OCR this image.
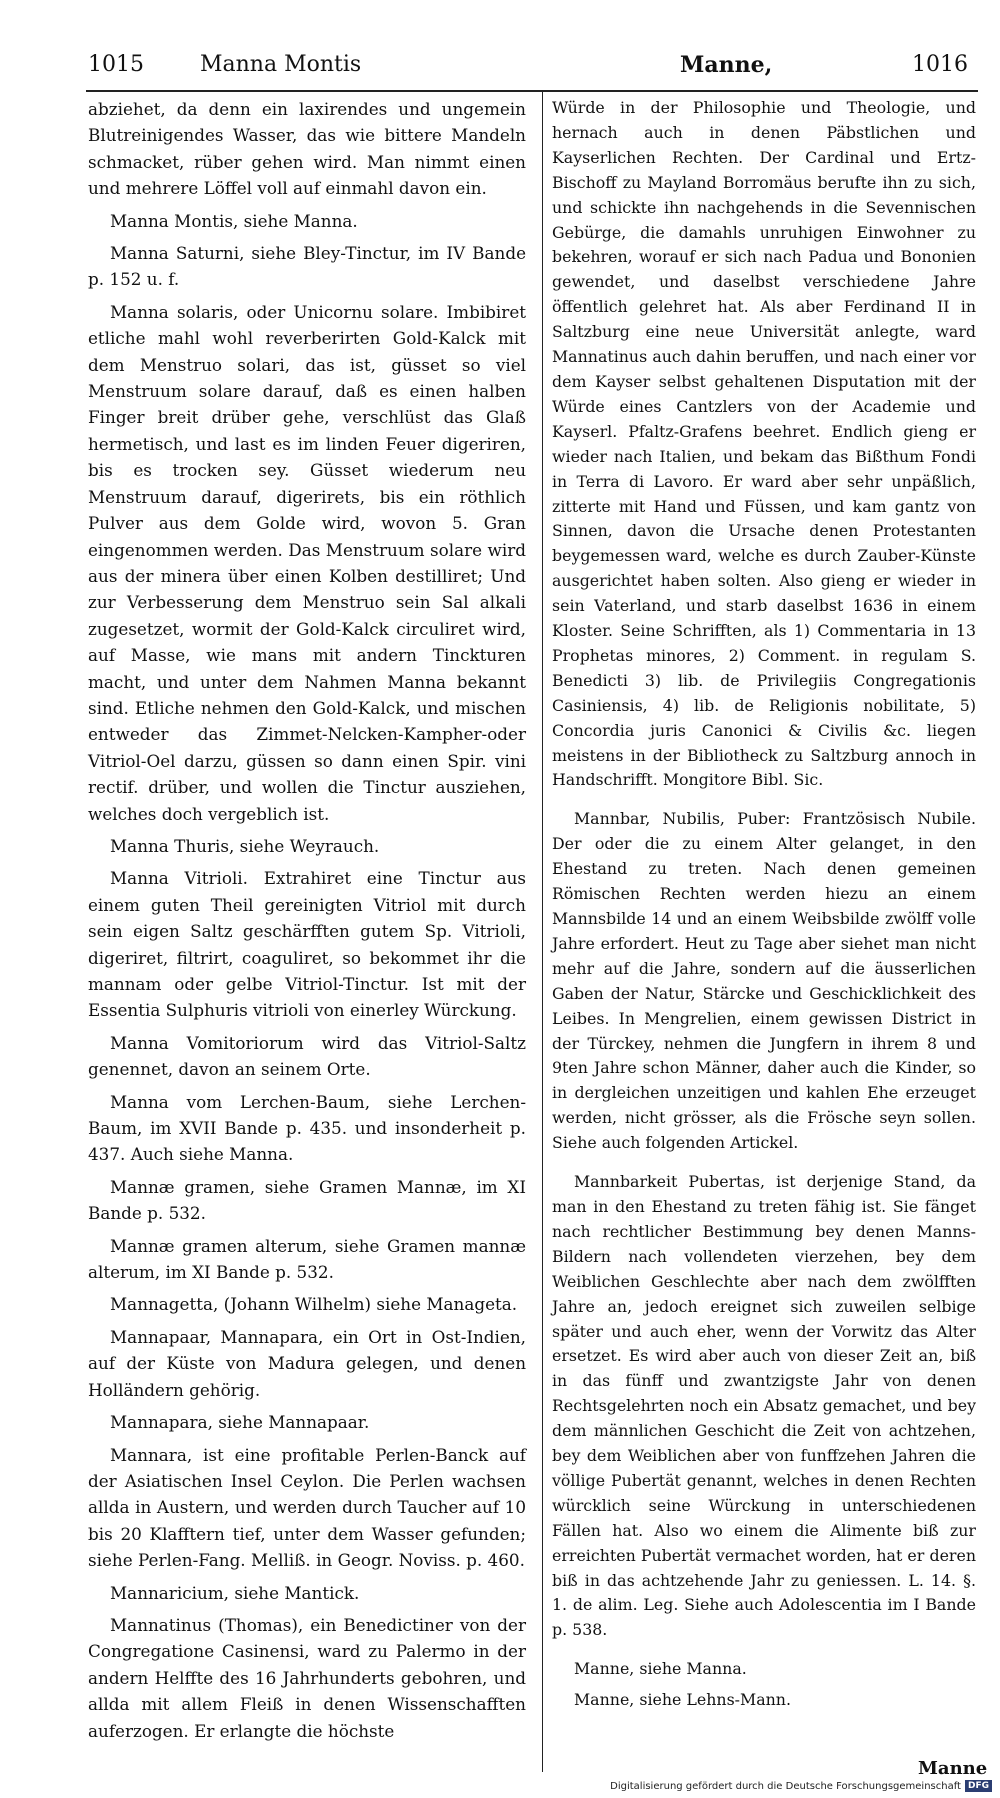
1015	Manna Montis	Manne,	1016

abziehet, da denn ein laxirendes und ungemein Blutreinigendes Wasser, das wie bittere Mandeln schmacket, rüber gehen wird. Man nimmt einen und mehrere Löffel voll auf einmahl davon ein.

Manna Montis, siehe Manna.

Manna Saturni, siehe Bley-Tinctur, im IV Bande p. 152 u. f.

Manna solaris, oder Unicornu solare. Imbibiret etliche mahl wohl reverberirten Gold-Kalck mit dem Menstruo solari, das ist, güsset so viel Menstruum solare darauf, daß es einen halben Finger breit drüber gehe, verschlüst das Glaß hermetisch, und last es im linden Feuer digeriren, bis es trocken sey. Güsset wiederum neu Menstruum darauf, digerirets, bis ein röthlich Pulver aus dem Golde wird, wovon 5. Gran eingenommen werden. Das Menstruum solare wird aus der minera über einen Kolben destilliret; Und zur Verbesserung dem Menstruo sein Sal alkali zugesetzet, wormit der Gold-Kalck circuliret wird, auf Masse, wie mans mit andern Tinckturen macht, und unter dem Nahmen Manna bekannt sind. Etliche nehmen den Gold-Kalck, und mischen entweder das Zimmet-Nelcken-Kampher-oder Vitriol-Oel darzu, güssen so dann einen Spir. vini rectif. drüber, und wollen die Tinctur ausziehen, welches doch vergeblich ist.

Manna Thuris, siehe Weyrauch.

Manna Vitrioli. Extrahiret eine Tinctur aus einem guten Theil gereinigten Vitriol mit durch sein eigen Saltz geschärfften gutem Sp. Vitrioli, digeriret, filtrirt, coaguliret, so bekommet ihr die mannam oder gelbe Vitriol-Tinctur. Ist mit der Essentia Sulphuris vitrioli von einerley Würckung.

Manna Vomitoriorum wird das Vitriol-Saltz genennet, davon an seinem Orte.

Manna vom Lerchen-Baum, siehe Lerchen-Baum, im XVII Bande p. 435. und insonderheit p. 437. Auch siehe Manna.

Mannæ gramen, siehe Gramen Mannæ, im XI Bande p. 532.

Mannæ gramen alterum, siehe Gramen mannæ alterum, im XI Bande p. 532.

Mannagetta, (Johann Wilhelm) siehe Manageta.

Mannapaar, Mannapara, ein Ort in Ost-Indien, auf der Küste von Madura gelegen, und denen Holländern gehörig.

Mannapara, siehe Mannapaar.

Mannara, ist eine profitable Perlen-Banck auf der Asiatischen Insel Ceylon. Die Perlen wachsen allda in Austern, und werden durch Taucher auf 10 bis 20 Klafftern tief, unter dem Wasser gefunden; siehe Perlen-Fang. Melliß. in Geogr. Noviss. p. 460.

Mannaricium, siehe Mantick.

Mannatinus (Thomas), ein Benedictiner von der Congregatione Casinensi, ward zu Palermo in der andern Helffte des 16 Jahrhunderts gebohren, und allda mit allem Fleiß in denen Wissenschafften auferzogen. Er erlangte die höchste

Würde in der Philosophie und Theologie, und hernach auch in denen Päbstlichen und Kayserlichen Rechten. Der Cardinal und Ertz-Bischoff zu Mayland Borromäus berufte ihn zu sich, und schickte ihn nachgehends in die Sevennischen Gebürge, die damahls unruhigen Einwohner zu bekehren, worauf er sich nach Padua und Bononien gewendet, und daselbst verschiedene Jahre öffentlich gelehret hat. Als aber Ferdinand II in Saltzburg eine neue Universität anlegte, ward Mannatinus auch dahin beruffen, und nach einer vor dem Kayser selbst gehaltenen Disputation mit der Würde eines Cantzlers von der Academie und Kayserl. Pfaltz-Grafens beehret. Endlich gieng er wieder nach Italien, und bekam das Bißthum Fondi in Terra di Lavoro. Er ward aber sehr unpäßlich, zitterte mit Hand und Füssen, und kam gantz von Sinnen, davon die Ursache denen Protestanten beygemessen ward, welche es durch Zauber-Künste ausgerichtet haben solten. Also gieng er wieder in sein Vaterland, und starb daselbst 1636 in einem Kloster. Seine Schrifften, als 1) Commentaria in 13 Prophetas minores, 2) Comment. in regulam S. Benedicti 3) lib. de Privilegiis Congregationis Casiniensis, 4) lib. de Religionis nobilitate, 5) Concordia juris Canonici & Civilis &c. liegen meistens in der Bibliotheck zu Saltzburg annoch in Handschrifft. Mongitore Bibl. Sic.

Mannbar, Nubilis, Puber: Frantzösisch Nubile. Der oder die zu einem Alter gelanget, in den Ehestand zu treten. Nach denen gemeinen Römischen Rechten werden hiezu an einem Mannsbilde 14 und an einem Weibsbilde zwölff volle Jahre erfordert. Heut zu Tage aber siehet man nicht mehr auf die Jahre, sondern auf die äusserlichen Gaben der Natur, Stärcke und Geschicklichkeit des Leibes. In Mengrelien, einem gewissen District in der Türckey, nehmen die Jungfern in ihrem 8 und 9ten Jahre schon Männer, daher auch die Kinder, so in dergleichen unzeitigen und kahlen Ehe erzeuget werden, nicht grösser, als die Frösche seyn sollen. Siehe auch folgenden Artickel.

Mannbarkeit Pubertas, ist derjenige Stand, da man in den Ehestand zu treten fähig ist. Sie fänget nach rechtlicher Bestimmung bey denen Manns-Bildern nach vollendeten vierzehen, bey dem Weiblichen Geschlechte aber nach dem zwölfften Jahre an, jedoch ereignet sich zuweilen selbige später und auch eher, wenn der Vorwitz das Alter ersetzet. Es wird aber auch von dieser Zeit an, biß in das fünff und zwantzigste Jahr von denen Rechtsgelehrten noch ein Absatz gemachet, und bey dem männlichen Geschicht die Zeit von achtzehen, bey dem Weiblichen aber von funffzehen Jahren die völlige Pubertät genannt, welches in denen Rechten würcklich seine Würckung in unterschiedenen Fällen hat. Also wo einem die Alimente biß zur erreichten Pubertät vermachet worden, hat er deren biß in das achtzehende Jahr zu geniessen. L. 14. §. 1. de alim. Leg. Siehe auch Adolescentia im I Bande p. 538.

Manne, siehe Manna.

Manne, siehe Lehns-Mann.

Manne
Digitalisierung gefördert durch die Deutsche Forschungsgemeinschaft DFG
